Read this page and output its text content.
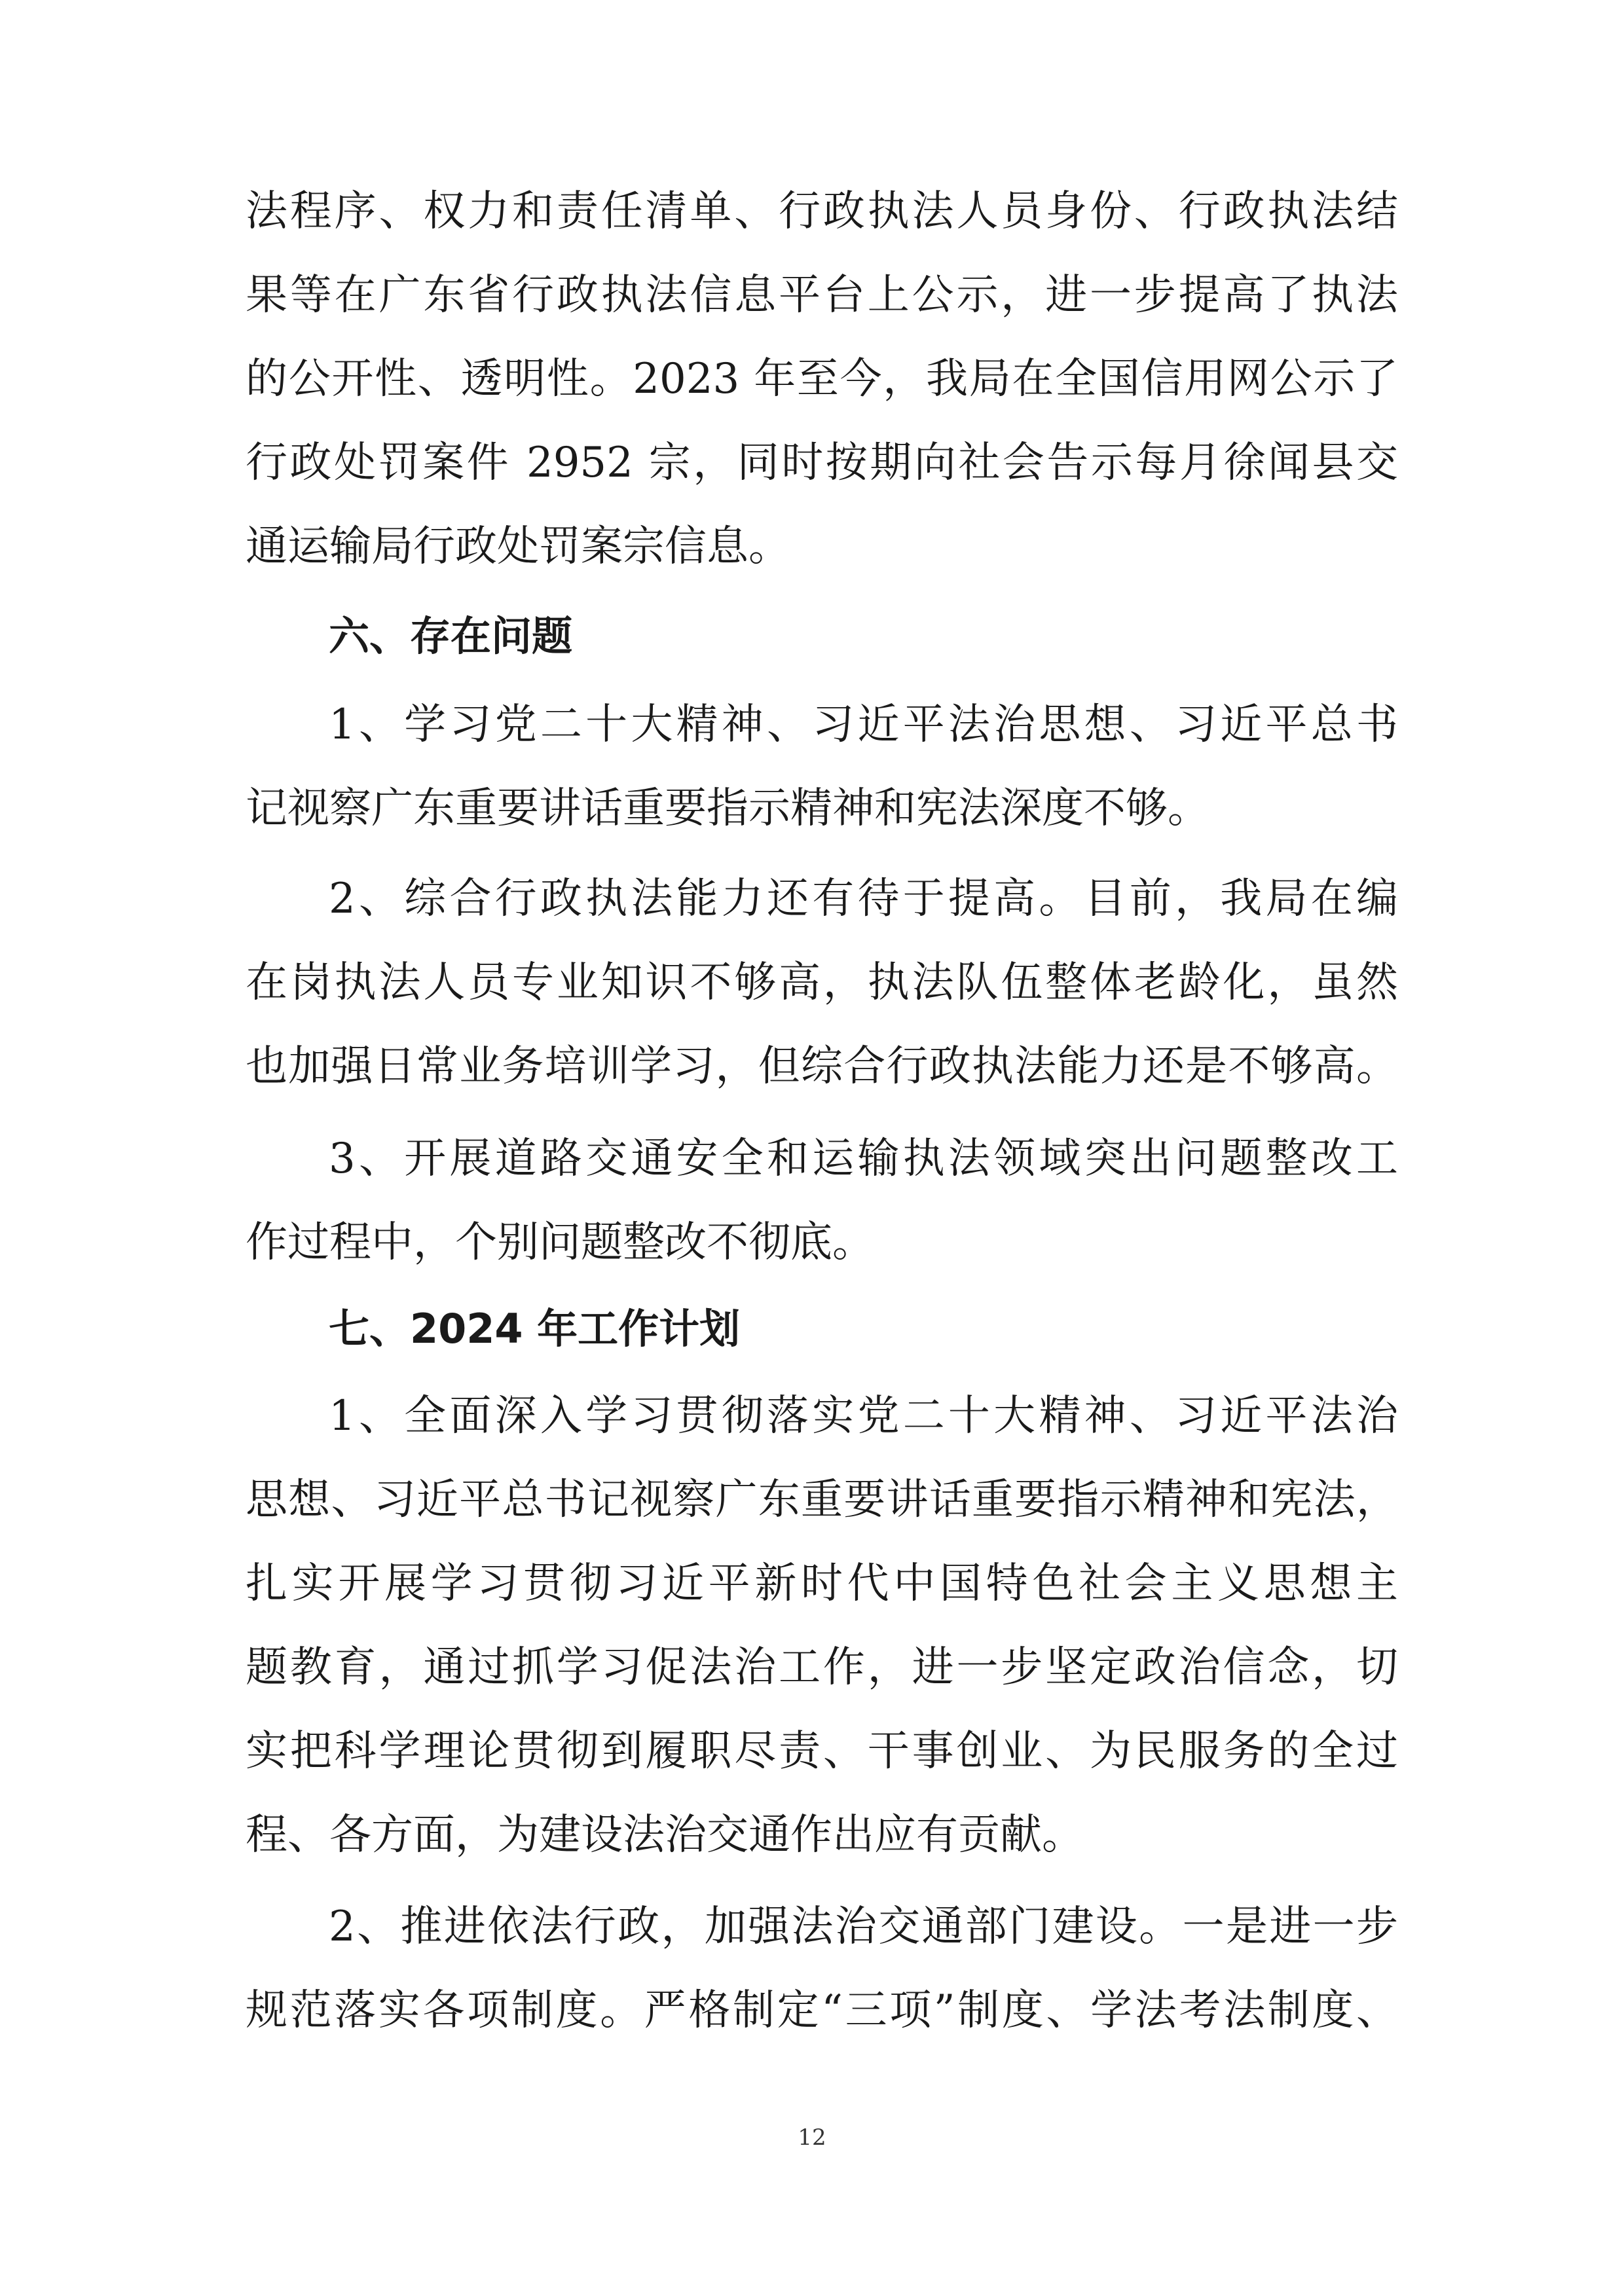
法程序、权力和责任清单、行政执法人员身份、行政执法结
果等在广东省行政执法信息平台上公示，进一步提高了执法
的公开性、透明性。2023 年至今，我局在全国信用网公示了
行政处罚案件 2952 宗，同时按期向社会告示每月徐闻县交
通运输局行政处罚案宗信息。
六、存在问题
1、学习党二十大精神、习近平法治思想、习近平总书
记视察广东重要讲话重要指示精神和宪法深度不够。
2、综合行政执法能力还有待于提高。目前，我局在编
在岗执法人员专业知识不够高，执法队伍整体老龄化，虽然
也加强日常业务培训学习，但综合行政执法能力还是不够高。
3、开展道路交通安全和运输执法领域突出问题整改工
作过程中，个别问题整改不彻底。
七、2024 年工作计划
1、全面深入学习贯彻落实党二十大精神、习近平法治
思想、习近平总书记视察广东重要讲话重要指示精神和宪法，
扎实开展学习贯彻习近平新时代中国特色社会主义思想主
题教育，通过抓学习促法治工作，进一步坚定政治信念，切
实把科学理论贯彻到履职尽责、干事创业、为民服务的全过
程、各方面，为建设法治交通作出应有贡献。
2、推进依法行政，加强法治交通部门建设。一是进一步
规范落实各项制度。严格制定“三项”制度、学法考法制度、
12
